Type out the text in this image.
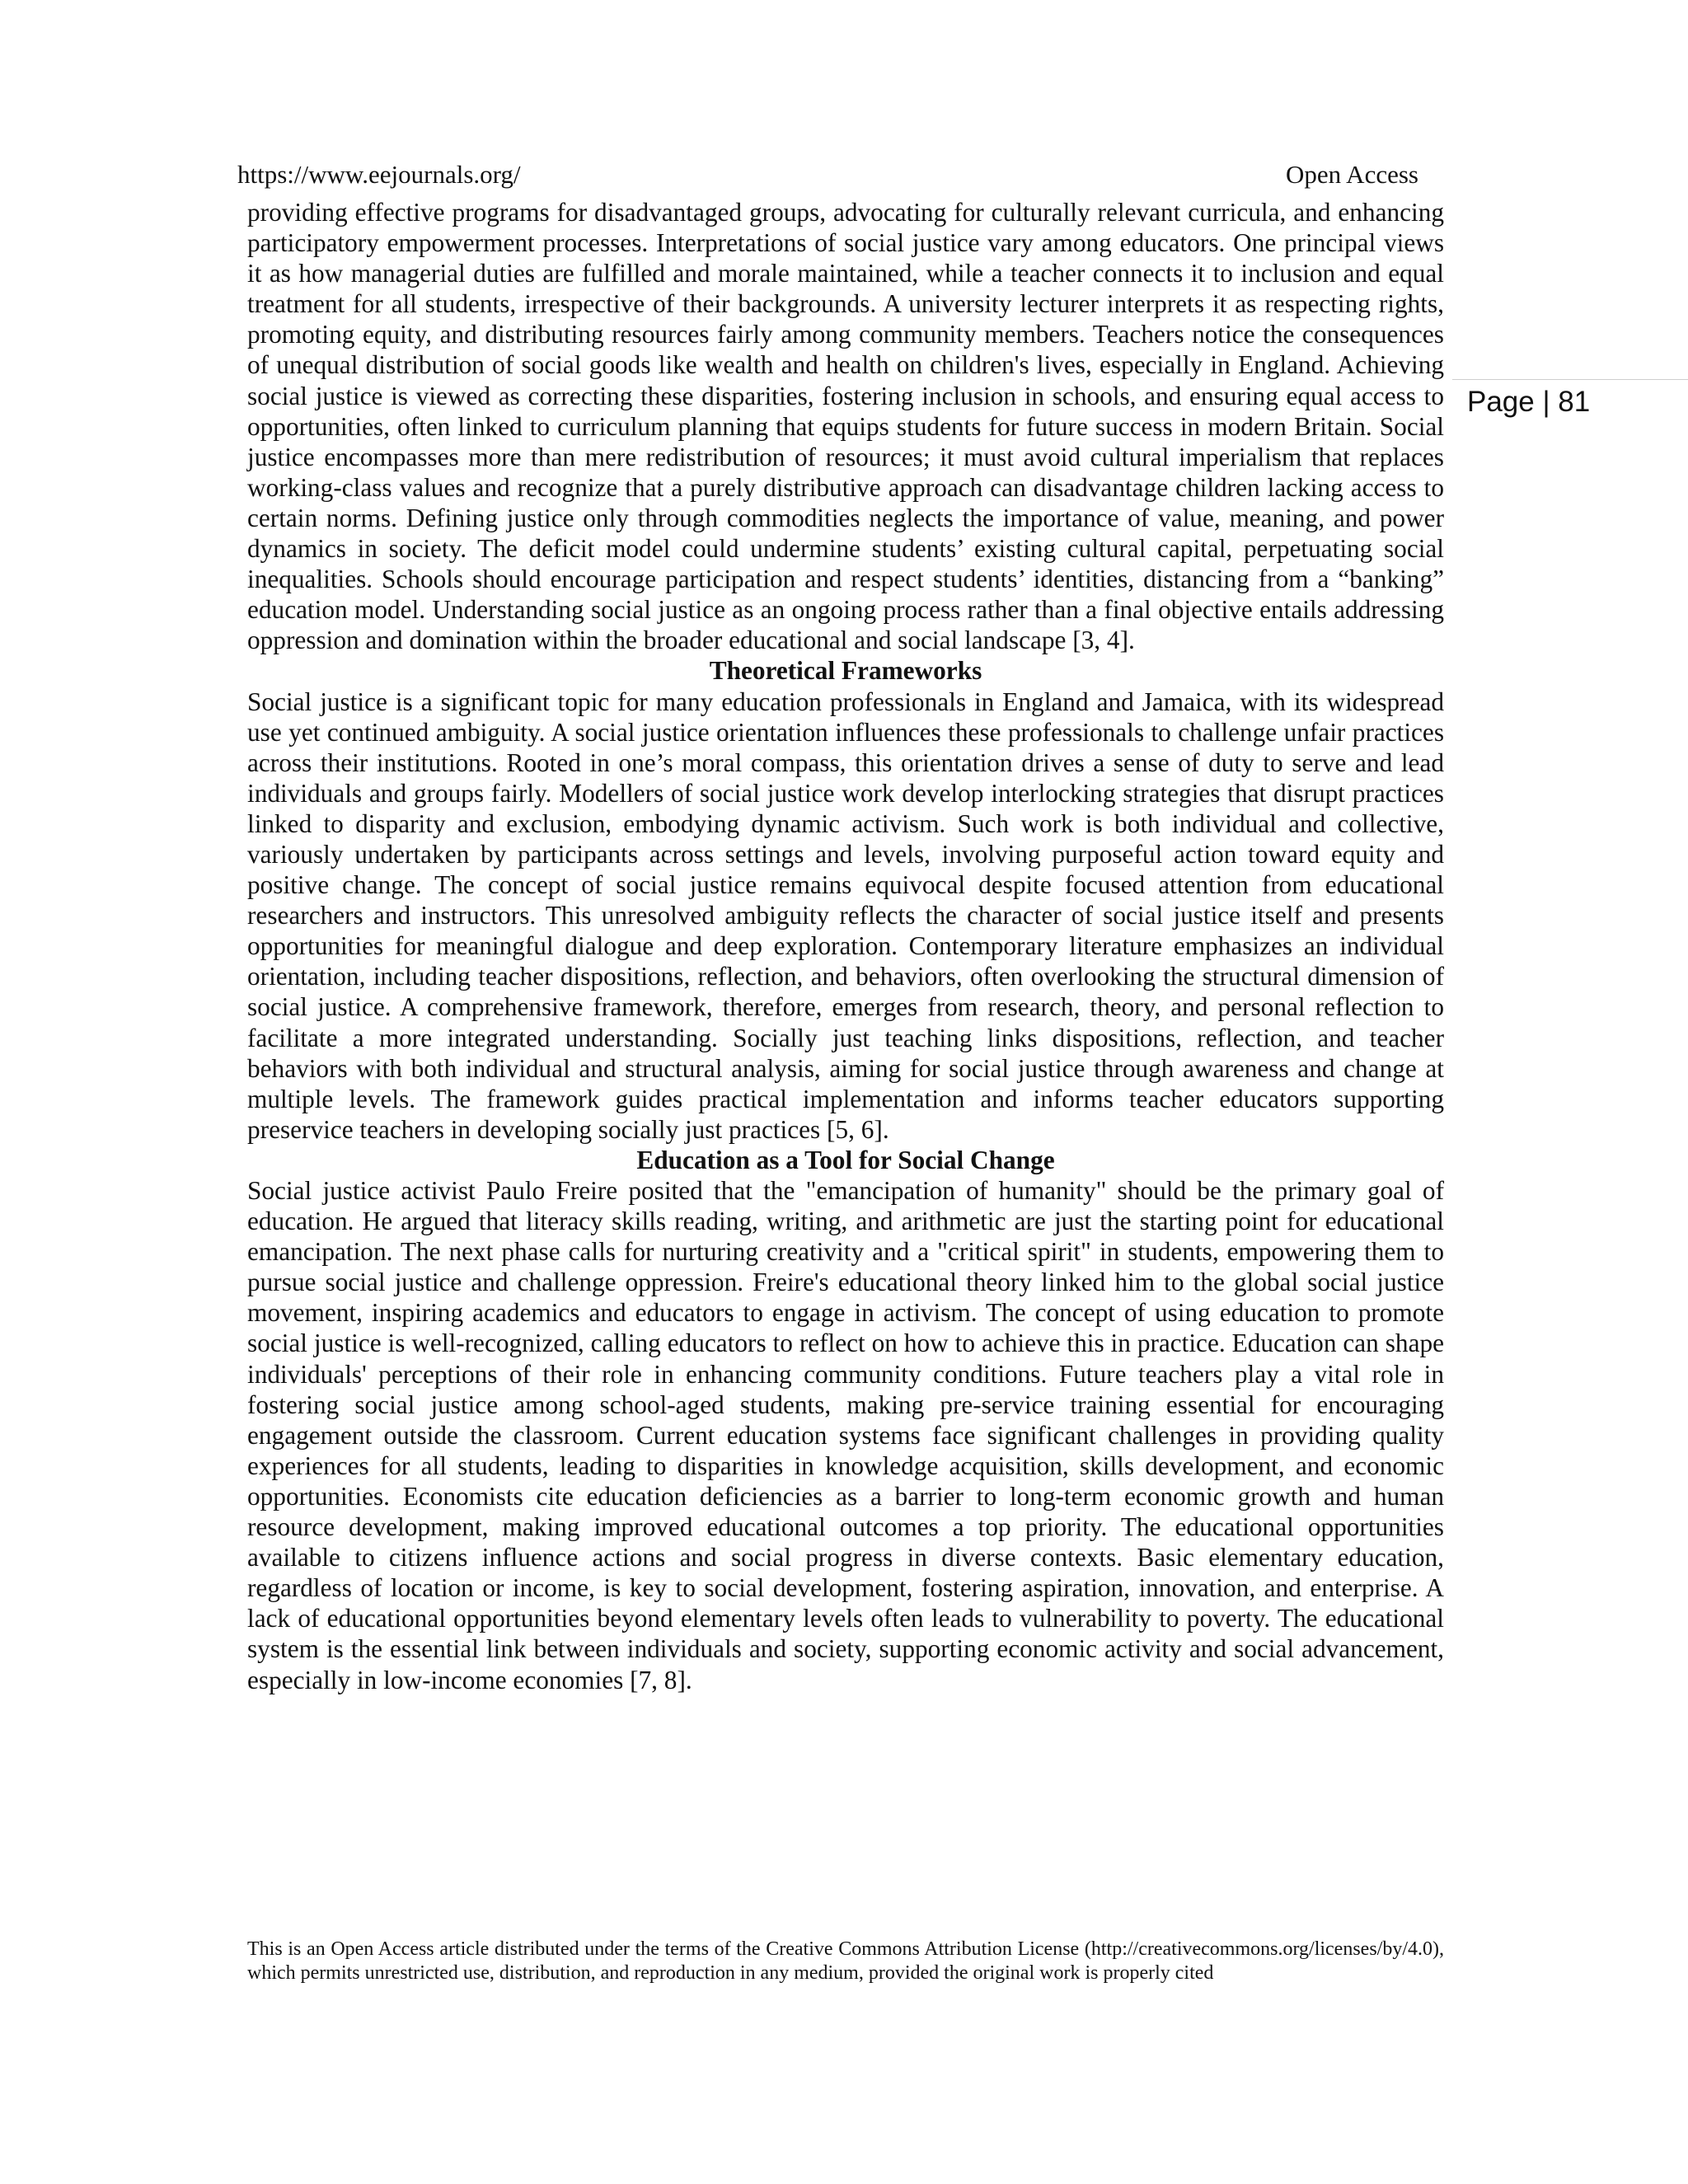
https://www.eejournals.org/	Open Access
Page | 81

providing effective programs for disadvantaged groups, advocating for culturally relevant curricula, and enhancing participatory empowerment processes. Interpretations of social justice vary among educators. One principal views it as how managerial duties are fulfilled and morale maintained, while a teacher connects it to inclusion and equal treatment for all students, irrespective of their backgrounds. A university lecturer interprets it as respecting rights, promoting equity, and distributing resources fairly among community members. Teachers notice the consequences of unequal distribution of social goods like wealth and health on children's lives, especially in England. Achieving social justice is viewed as correcting these disparities, fostering inclusion in schools, and ensuring equal access to opportunities, often linked to curriculum planning that equips students for future success in modern Britain. Social justice encompasses more than mere redistribution of resources; it must avoid cultural imperialism that replaces working-class values and recognize that a purely distributive approach can disadvantage children lacking access to certain norms. Defining justice only through commodities neglects the importance of value, meaning, and power dynamics in society. The deficit model could undermine students’ existing cultural capital, perpetuating social inequalities. Schools should encourage participation and respect students’ identities, distancing from a “banking” education model. Understanding social justice as an ongoing process rather than a final objective entails addressing oppression and domination within the broader educational and social landscape [3, 4].

Theoretical Frameworks

Social justice is a significant topic for many education professionals in England and Jamaica, with its widespread use yet continued ambiguity. A social justice orientation influences these professionals to challenge unfair practices across their institutions. Rooted in one’s moral compass, this orientation drives a sense of duty to serve and lead individuals and groups fairly. Modellers of social justice work develop interlocking strategies that disrupt practices linked to disparity and exclusion, embodying dynamic activism. Such work is both individual and collective, variously undertaken by participants across settings and levels, involving purposeful action toward equity and positive change. The concept of social justice remains equivocal despite focused attention from educational researchers and instructors. This unresolved ambiguity reflects the character of social justice itself and presents opportunities for meaningful dialogue and deep exploration. Contemporary literature emphasizes an individual orientation, including teacher dispositions, reflection, and behaviors, often overlooking the structural dimension of social justice. A comprehensive framework, therefore, emerges from research, theory, and personal reflection to facilitate a more integrated understanding. Socially just teaching links dispositions, reflection, and teacher behaviors with both individual and structural analysis, aiming for social justice through awareness and change at multiple levels. The framework guides practical implementation and informs teacher educators supporting preservice teachers in developing socially just practices [5, 6].

Education as a Tool for Social Change

Social justice activist Paulo Freire posited that the "emancipation of humanity" should be the primary goal of education. He argued that literacy skills reading, writing, and arithmetic are just the starting point for educational emancipation. The next phase calls for nurturing creativity and a "critical spirit" in students, empowering them to pursue social justice and challenge oppression. Freire's educational theory linked him to the global social justice movement, inspiring academics and educators to engage in activism. The concept of using education to promote social justice is well-recognized, calling educators to reflect on how to achieve this in practice. Education can shape individuals' perceptions of their role in enhancing community conditions. Future teachers play a vital role in fostering social justice among school-aged students, making pre-service training essential for encouraging engagement outside the classroom. Current education systems face significant challenges in providing quality experiences for all students, leading to disparities in knowledge acquisition, skills development, and economic opportunities. Economists cite education deficiencies as a barrier to long-term economic growth and human resource development, making improved educational outcomes a top priority. The educational opportunities available to citizens influence actions and social progress in diverse contexts. Basic elementary education, regardless of location or income, is key to social development, fostering aspiration, innovation, and enterprise. A lack of educational opportunities beyond elementary levels often leads to vulnerability to poverty. The educational system is the essential link between individuals and society, supporting economic activity and social advancement, especially in low-income economies [7, 8].

This is an Open Access article distributed under the terms of the Creative Commons Attribution License (http://creativecommons.org/licenses/by/4.0), which permits unrestricted use, distribution, and reproduction in any medium, provided the original work is properly cited
